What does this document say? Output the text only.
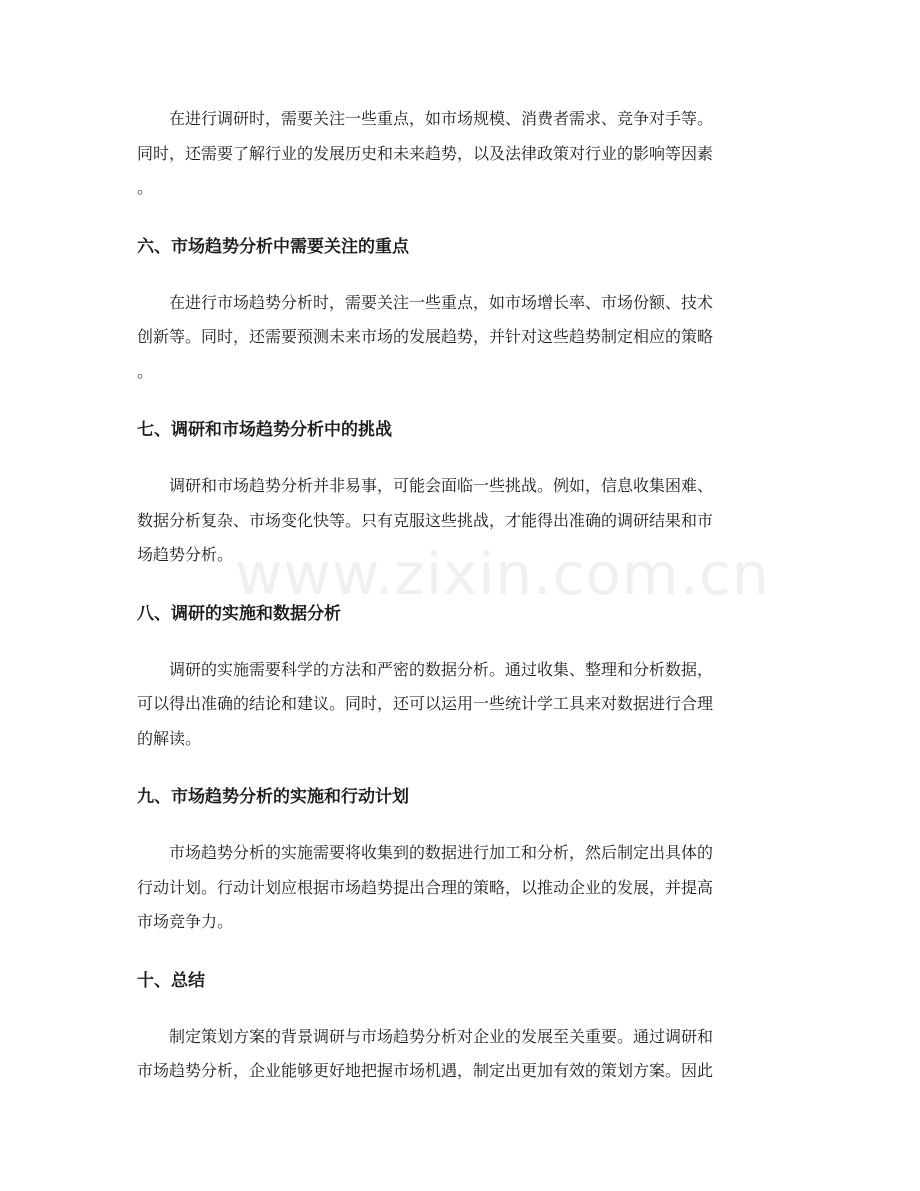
www.zixin.com.cn
　　在进行调研时，需要关注一些重点，如市场规模、消费者需求、竞争对手等。
同时，还需要了解行业的发展历史和未来趋势，以及法律政策对行业的影响等因素
。
六、市场趋势分析中需要关注的重点
　　在进行市场趋势分析时，需要关注一些重点，如市场增长率、市场份额、技术
创新等。同时，还需要预测未来市场的发展趋势，并针对这些趋势制定相应的策略
。
七、调研和市场趋势分析中的挑战
　　调研和市场趋势分析并非易事，可能会面临一些挑战。例如，信息收集困难、
数据分析复杂、市场变化快等。只有克服这些挑战，才能得出准确的调研结果和市
场趋势分析。
八、调研的实施和数据分析
　　调研的实施需要科学的方法和严密的数据分析。通过收集、整理和分析数据，
可以得出准确的结论和建议。同时，还可以运用一些统计学工具来对数据进行合理
的解读。
九、市场趋势分析的实施和行动计划
　　市场趋势分析的实施需要将收集到的数据进行加工和分析，然后制定出具体的
行动计划。行动计划应根据市场趋势提出合理的策略，以推动企业的发展，并提高
市场竞争力。
十、总结
　　制定策划方案的背景调研与市场趋势分析对企业的发展至关重要。通过调研和
市场趋势分析，企业能够更好地把握市场机遇，制定出更加有效的策划方案。因此
